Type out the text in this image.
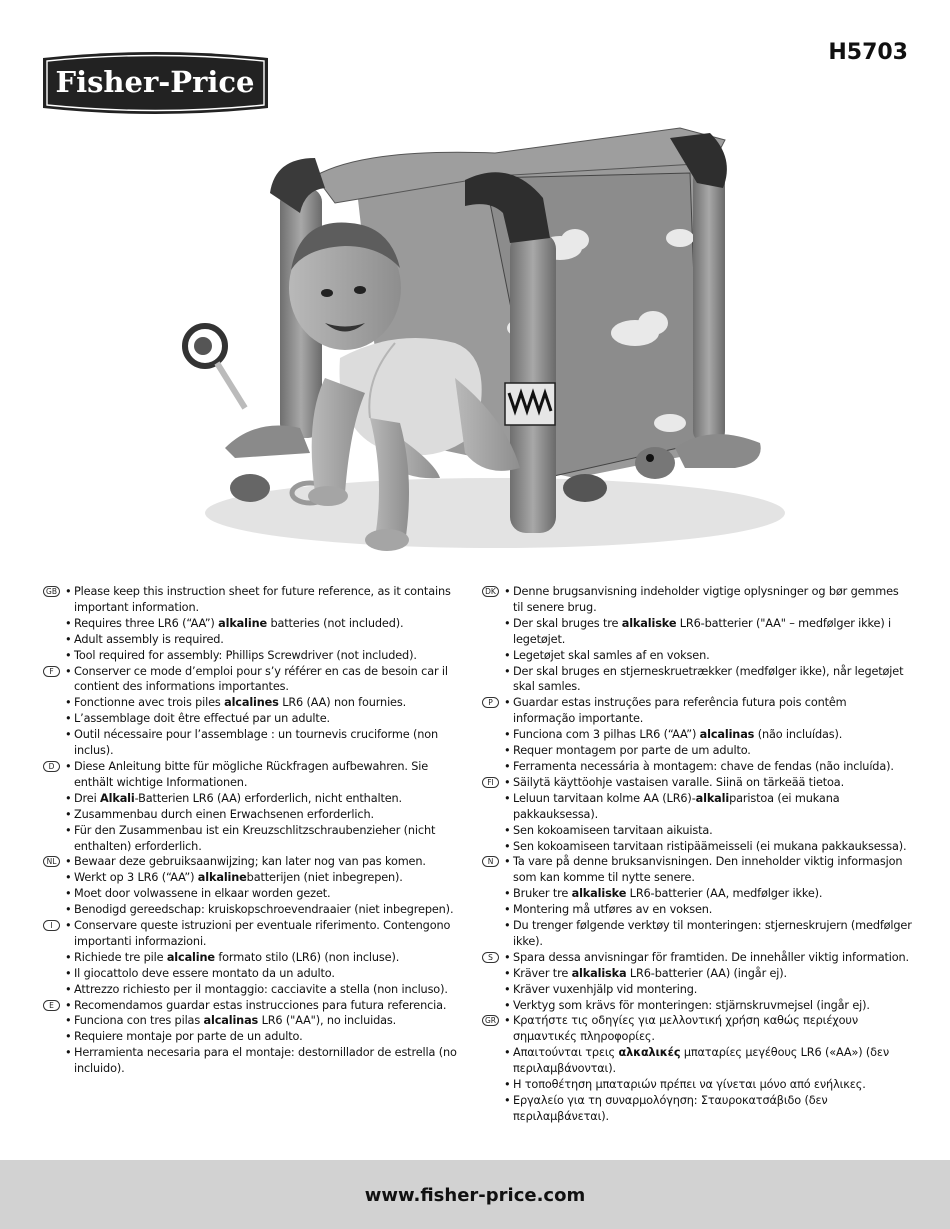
Fisher-Price
H5703
GB • Please keep this instruction sheet for future reference, as it contains important information.
• Requires three LR6 (“AA”) alkaline batteries (not included).
• Adult assembly is required.
• Tool required for assembly: Phillips Screwdriver (not included).
F	• Conserver ce mode d’emploi pour s’y référer en cas de besoin car il contient des informations importantes.
• Fonctionne avec trois piles alcalines LR6 (AA) non fournies.
• L’assemblage doit être effectué par un adulte.
• Outil nécessaire pour l’assemblage : un tournevis cruciforme (non inclus).
D • Diese Anleitung bitte für mögliche Rückfragen aufbewahren. Sie enthält wichtige Informationen.
• Drei Alkali-Batterien LR6 (AA) erforderlich, nicht enthalten.
• Zusammenbau durch einen Erwachsenen erforderlich.
• Für den Zusammenbau ist ein Kreuzschlitzschraubenzieher (nicht enthalten) erforderlich.
NL • Bewaar deze gebruiksaanwijzing; kan later nog van pas komen.
• Werkt op 3 LR6 (“AA”) alkalinebatterijen (niet inbegrepen).
• Moet door volwassene in elkaar worden gezet.
• Benodigd gereedschap: kruiskopschroevendraaier (niet inbegrepen).
I	• Conservare queste istruzioni per eventuale riferimento. Contengono importanti informazioni.
• Richiede tre pile alcaline formato stilo (LR6) (non incluse).
• Il giocattolo deve essere montato da un adulto.
• Attrezzo richiesto per il montaggio: cacciavite a stella (non incluso).
E • Recomendamos guardar estas instrucciones para futura referencia.
• Funciona con tres pilas alcalinas LR6 ("AA"), no incluidas.
• Requiere montaje por parte de un adulto.
• Herramienta necesaria para el montaje: destornillador de estrella (no incluido).
DK • Denne brugsanvisning indeholder vigtige oplysninger og bør gemmes til senere brug.
• Der skal bruges tre alkaliske LR6-batterier ("AA" – medfølger ikke) i legetøjet.
• Legetøjet skal samles af en voksen.
• Der skal bruges en stjerneskruetrækker (medfølger ikke), når legetøjet skal samles.
P • Guardar estas instruções para referência futura pois contêm informação importante.
• Funciona com 3 pilhas LR6 (“AA”) alcalinas (não incluídas).
• Requer montagem por parte de um adulto.
• Ferramenta necessária à montagem: chave de fendas (não incluída).
FI • Säilytä käyttöohje vastaisen varalle. Siinä on tärkeää tietoa.
• Leluun tarvitaan kolme AA (LR6)-alkaliparistoa (ei mukana pakkauksessa).
• Sen kokoamiseen tarvitaan aikuista.
• Sen kokoamiseen tarvitaan ristipäämeisseli (ei mukana pakkauksessa).
N • Ta vare på denne bruksanvisningen. Den inneholder viktig informasjon som kan komme til nytte senere.
• Bruker tre alkaliske LR6-batterier (AA, medfølger ikke).
• Montering må utføres av en voksen.
• Du trenger følgende verktøy til monteringen: stjerneskrujern (medfølger ikke).
S • Spara dessa anvisningar för framtiden. De innehåller viktig information.
• Kräver tre alkaliska LR6-batterier (AA) (ingår ej).
• Kräver vuxenhjälp vid montering.
• Verktyg som krävs för monteringen: stjärnskruvmejsel (ingår ej).
GR • Κρατήστε τις οδηγίες για μελλοντική χρήση καθώς περιέχουν σημαντικές πληροφορίες.
• Απαιτούνται τρεις αλκαλικές μπαταρίες μεγέθους LR6 («AA») (δεν περιλαμβάνονται).
• Η τοποθέτηση μπαταριών πρέπει να γίνεται μόνο από ενήλικες.
• Εργαλείο για τη συναρμολόγηση: Σταυροκατσάβιδο (δεν περιλαμβάνεται).
www.fisher-price.com
